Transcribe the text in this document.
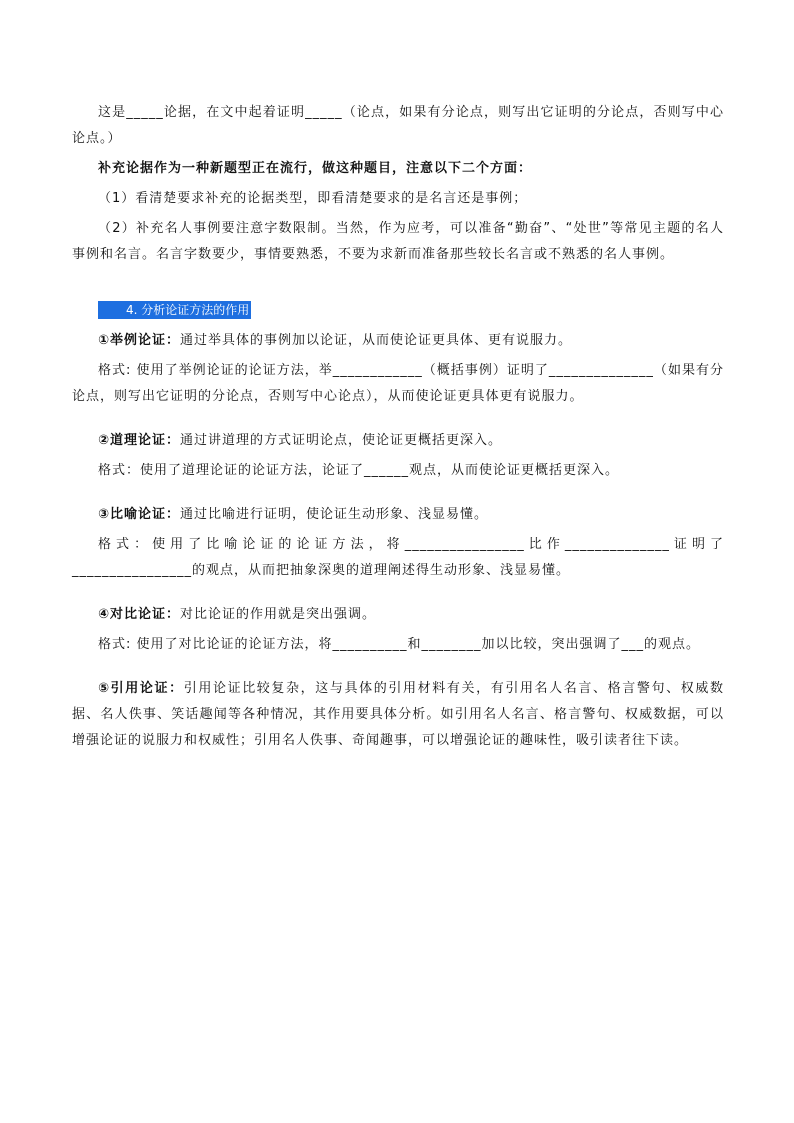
这是_____论据，在文中起着证明_____（论点，如果有分论点，则写出它证明的分论点，否则写中心论点。）

补充论据作为一种新题型正在流行，做这种题目，注意以下二个方面：

（1）看清楚要求补充的论据类型，即看清楚要求的是名言还是事例；

（2）补充名人事例要注意字数限制。当然，作为应考，可以准备“勤奋”、“处世”等常见主题的名人事例和名言。名言字数要少，事情要熟悉，不要为求新而准备那些较长名言或不熟悉的名人事例。

4. 分析论证方法的作用

①举例论证：通过举具体的事例加以论证，从而使论证更具体、更有说服力。

格式: 使用了举例论证的论证方法，举____________（概括事例）证明了______________（如果有分论点，则写出它证明的分论点，否则写中心论点），从而使论证更具体更有说服力。

②道理论证：通过讲道理的方式证明论点，使论证更概括更深入。

格式：使用了道理论证的论证方法，论证了______观点，从而使论证更概括更深入。

③比喻论证：通过比喻进行证明，使论证生动形象、浅显易懂。

格式：使用了比喻论证的论证方法，将________________比作______________证明了________________的观点，从而把抽象深奥的道理阐述得生动形象、浅显易懂。

④对比论证：对比论证的作用就是突出强调。

格式: 使用了对比论证的论证方法，将__________和________加以比较，突出强调了___的观点。

⑤引用论证：引用论证比较复杂，这与具体的引用材料有关，有引用名人名言、格言警句、权威数据、名人佚事、笑话趣闻等各种情况，其作用要具体分析。如引用名人名言、格言警句、权威数据，可以增强论证的说服力和权威性；引用名人佚事、奇闻趣事，可以增强论证的趣味性，吸引读者往下读。
